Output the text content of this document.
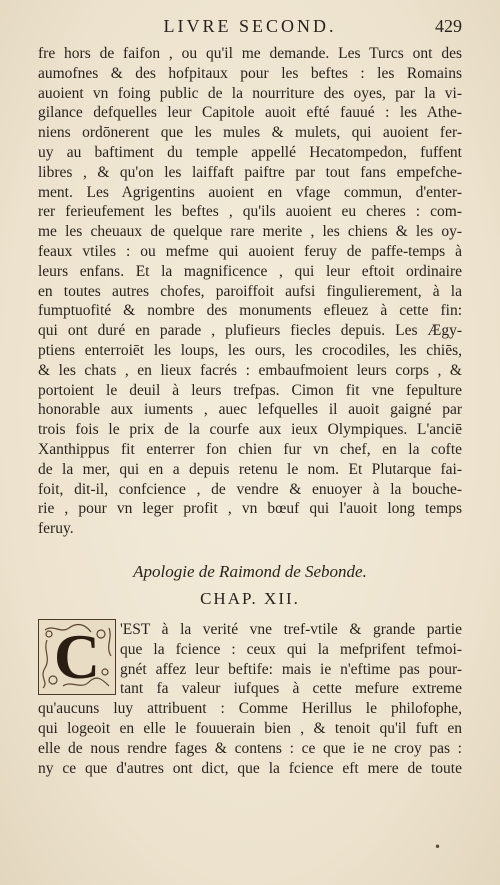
LIVRE SECOND.	429
fre hors de faifon , ou qu'il me demande. Les Turcs ont des
aumofnes & des hofpitaux pour les beftes : les Romains
auoient vn foing public de la nourriture des oyes, par la vi-
gilance defquelles leur Capitole auoit efté fauué : les Athe-
niens ordōnerent que les mules & mulets, qui auoient fer-
uy au baftiment du temple appellé Hecatompedon, fuffent
libres , & qu'on les laiffaft paiftre par tout fans empefche-
ment. Les Agrigentins auoient en vfage commun, d'enter-
rer ferieufement les beftes , qu'ils auoient eu cheres : com-
me les cheuaux de quelque rare merite , les chiens & les oy-
feaux vtiles : ou mefme qui auoient feruy de paffe-temps à
leurs enfans. Et la magnificence , qui leur eftoit ordinaire
en toutes autres chofes, paroiffoit aufsi fingulierement, à la
fumptuofité & nombre des monuments efleuez à cette fin:
qui ont duré en parade , plufieurs fiecles depuis. Les Ægy-
ptiens enterroiēt les loups, les ours, les crocodiles, les chiēs,
& les chats , en lieux facrés : embaufmoient leurs corps , &
portoient le deuil à leurs trefpas. Cimon fit vne fepulture
honorable aux iuments , auec lefquelles il auoit gaigné par
trois fois le prix de la courfe aux ieux Olympiques. L'anciē
Xanthippus fit enterrer fon chien fur vn chef, en la cofte
de la mer, qui en a depuis retenu le nom. Et Plutarque fai-
foit, dit-il, confcience , de vendre & enuoyer à la bouche-
rie , pour vn leger profit , vn bœuf qui l'auoit long temps
feruy.
Apologie de Raimond de Sebonde.
CHAP. XII.
C	'EST à la verité vne tref-vtile & grande partie
que la fcience : ceux qui la mefprifent tefmoi-
gnét affez leur beftife: mais ie n'eftime pas pour-
tant fa valeur iufques à cette mefure extreme
qu'aucuns luy attribuent : Comme Herillus le philofophe,
qui logeoit en elle le fouuerain bien , & tenoit qu'il fuft en
elle de nous rendre fages & contens : ce que ie ne croy pas :
ny ce que d'autres ont dict, que la fcience eft mere de toute
•
